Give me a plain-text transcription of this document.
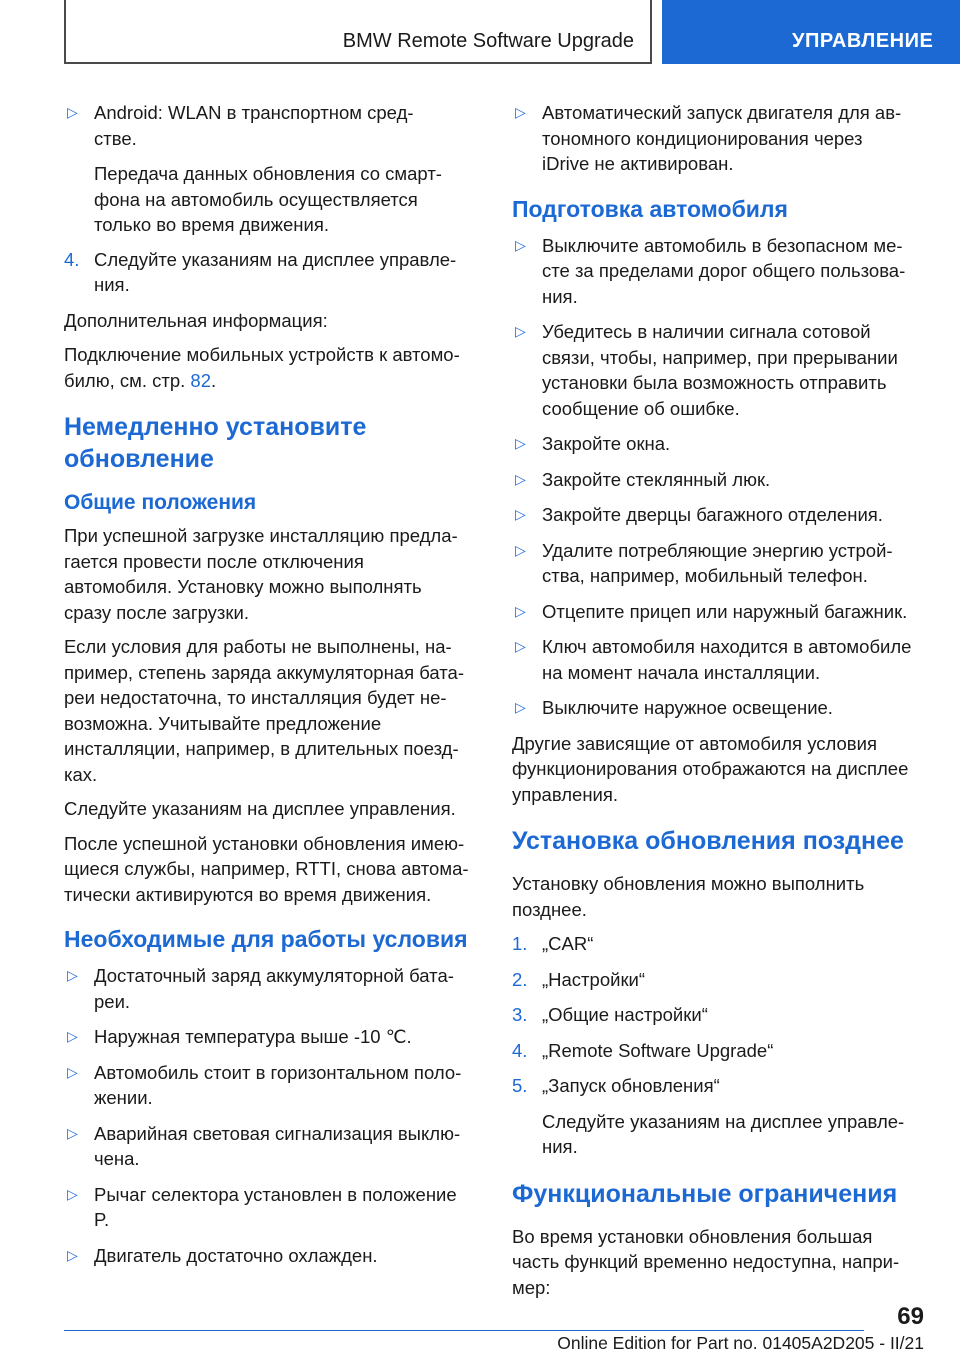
BMW Remote Software Upgrade	УПРАВЛЕНИЕ
▷ Android: WLAN в транспортном сред-
стве.

Передача данных обновления со смарт-
фона на автомобиль осуществляется
только во время движения.

4. Следуйте указаниям на дисплее управле-
ния.

Дополнительная информация:

Подключение мобильных устройств к автомо-
билю, см. стр. 82.

Немедленно установите
обновление
Общие положения

При успешной загрузке инсталляцию предла-
гается провести после отключения
автомобиля. Установку можно выполнять
сразу после загрузки.

Если условия для работы не выполнены, на-
пример, степень заряда аккумуляторная бата-
реи недостаточна, то инсталляция будет не-
возможна. Учитывайте предложение
инсталляции, например, в длительных поезд-
ках.

Следуйте указаниям на дисплее управления.

После успешной установки обновления имею-
щиеся службы, например, RTTI, снова автома-
тически активируются во время движения.

Необходимые для работы условия
▷ Достаточный заряд аккумуляторной бата-
реи.
▷ Наружная температура выше -10 ℃.
▷ Автомобиль стоит в горизонтальном поло-
жении.
▷ Аварийная световая сигнализация выклю-
чена.
▷ Рычаг селектора установлен в положение
P.
▷ Двигатель достаточно охлажден.
▷ Автоматический запуск двигателя для ав-
тономного кондиционирования через
iDrive не активирован.
Подготовка автомобиля
▷ Выключите автомобиль в безопасном ме-
сте за пределами дорог общего пользова-
ния.
▷ Убедитесь в наличии сигнала сотовой
связи, чтобы, например, при прерывании
установки была возможность отправить
сообщение об ошибке.
▷ Закройте окна.
▷ Закройте стеклянный люк.
▷ Закройте дверцы багажного отделения.
▷ Удалите потребляющие энергию устрой-
ства, например, мобильный телефон.
▷ Отцепите прицеп или наружный багажник.
▷ Ключ автомобиля находится в автомобиле
на момент начала инсталляции.
▷ Выключите наружное освещение.

Другие зависящие от автомобиля условия
функционирования отображаются на дисплее
управления.

Установка обновления позднее

Установку обновления можно выполнить
позднее.

1. „CAR“
2. „Настройки“
3. „Общие настройки“
4. „Remote Software Upgrade“
5. „Запуск обновления“

Следуйте указаниям на дисплее управле-
ния.

Функциональные ограничения

Во время установки обновления большая
часть функций временно недоступна, напри-
мер:

69
Online Edition for Part no. 01405A2D205 - II/21
